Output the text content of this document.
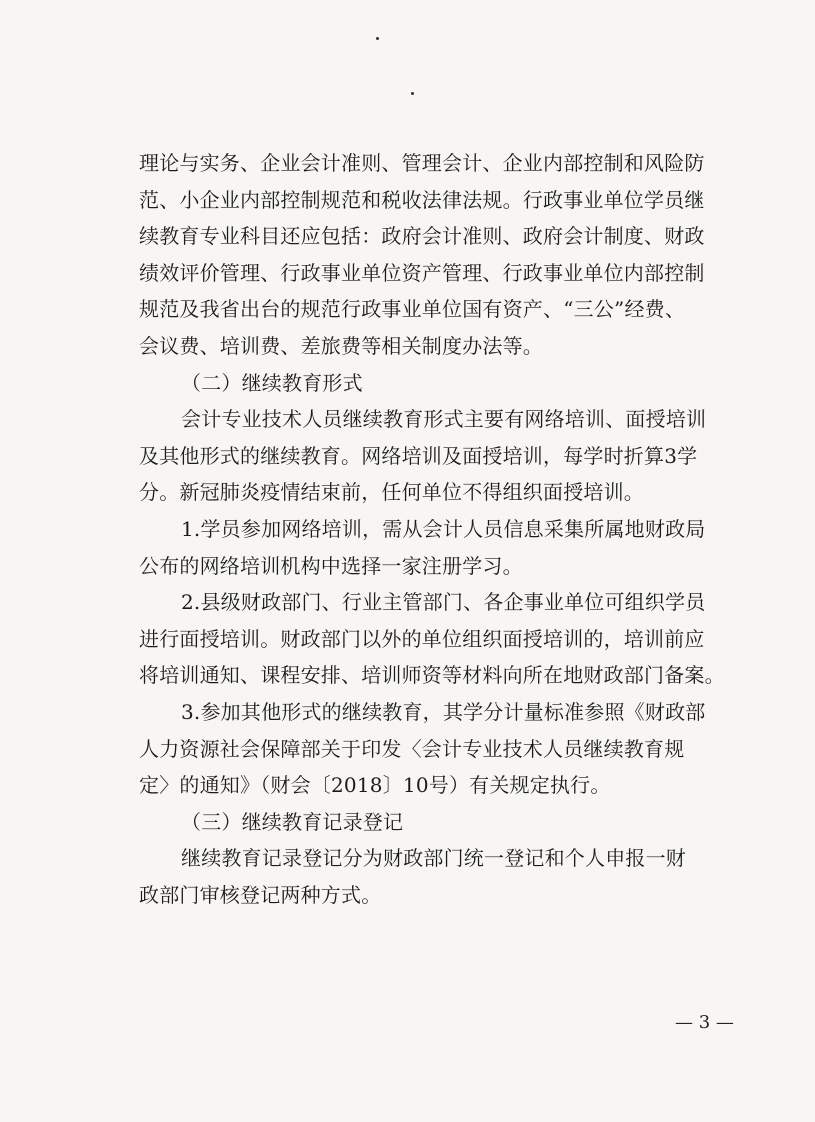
理论与实务、企业会计准则、管理会计、企业内部控制和风险防
范、小企业内部控制规范和税收法律法规。行政事业单位学员继
续教育专业科目还应包括：政府会计准则、政府会计制度、财政
绩效评价管理、行政事业单位资产管理、行政事业单位内部控制
规范及我省出台的规范行政事业单位国有资产、“三公”经费、
会议费、培训费、差旅费等相关制度办法等。
（二）继续教育形式
会计专业技术人员继续教育形式主要有网络培训、面授培训
及其他形式的继续教育。网络培训及面授培训，每学时折算3学
分。新冠肺炎疫情结束前，任何单位不得组织面授培训。
1.学员参加网络培训，需从会计人员信息采集所属地财政局
公布的网络培训机构中选择一家注册学习。
2.县级财政部门、行业主管部门、各企事业单位可组织学员
进行面授培训。财政部门以外的单位组织面授培训的，培训前应
将培训通知、课程安排、培训师资等材料向所在地财政部门备案。
3.参加其他形式的继续教育，其学分计量标准参照《财政部
人力资源社会保障部关于印发〈会计专业技术人员继续教育规
定〉的通知》（财会〔2018〕10号）有关规定执行。
（三）继续教育记录登记
继续教育记录登记分为财政部门统一登记和个人申报一财
政部门审核登记两种方式。
— 3 —
